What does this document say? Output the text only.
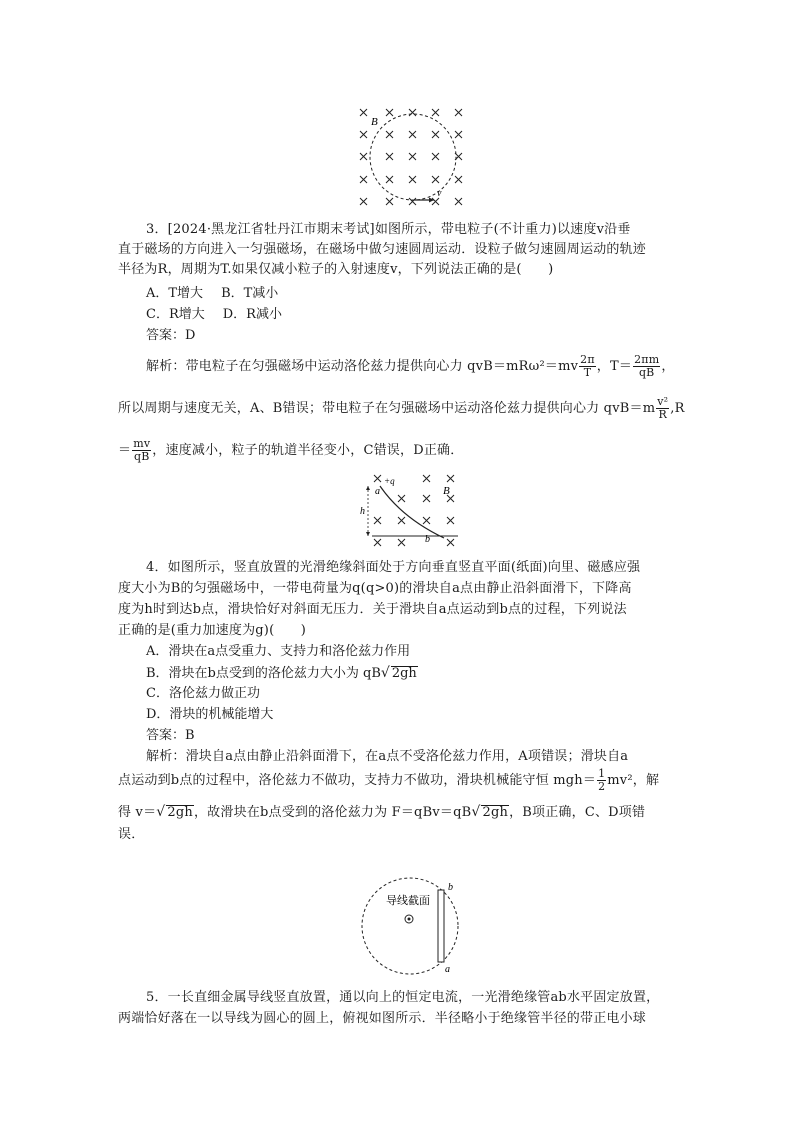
B
v
3．[2024·黑龙江省牡丹江市期末考试]如图所示，带电粒子(不计重力)以速度v沿垂
直于磁场的方向进入一匀强磁场，在磁场中做匀速圆周运动．设粒子做匀速圆周运动的轨迹
半径为R，周期为T.如果仅减小粒子的入射速度v，下列说法正确的是(　　)
A．T增大 B．T减小
C．R增大 D．R减小
答案：D
解析：带电粒子在匀强磁场中运动洛伦兹力提供向心力 $qvB=mR\omega^2=mv \frac{2\pi}{T}$ ，$T= \frac{2\pi m}{qB}$ ，
所以周期与速度无关，A、B错误；带电粒子在匀强磁场中运动洛伦兹力提供向心力 $qvB=m \frac{\text{v²}}{R} ,R$
＝ $\frac{mv}{qB}$ ，速度减小，粒子的轨道半径变小，C错误，D正确．
+q
a	B
h
b
4．如图所示，竖直放置的光滑绝缘斜面处于方向垂直竖直平面(纸面)向里、磁感应强
度大小为B的匀强磁场中，一带电荷量为q(q>0)的滑块自a点由静止沿斜面滑下，下降高
度为h时到达b点，滑块恰好对斜面无压力．关于滑块自a点运动到b点的过程，下列说法
正确的是(重力加速度为g)(　　)
A．滑块在a点受重力、支持力和洛伦兹力作用
B．滑块在b点受到的洛伦兹力大小为 qB√ 2gh
C．洛伦兹力做正功
D．滑块的机械能增大
答案：B
解析：滑块自a点由静止沿斜面滑下，在a点不受洛伦兹力作用，A项错误；滑块自a
点运动到b点的过程中，洛伦兹力不做功，支持力不做功，滑块机械能守恒 $mgh= \frac{1}{2} mv^2$，解
得 v＝√ 2gh，故滑块在b点受到的洛伦兹力为 F＝qBv＝qB√ 2gh，B项正确，C、D项错
误．
导线截面
b
a
5．一长直细金属导线竖直放置，通以向上的恒定电流，一光滑绝缘管ab水平固定放置，
两端恰好落在一以导线为圆心的圆上，俯视如图所示．半径略小于绝缘管半径的带正电小球
